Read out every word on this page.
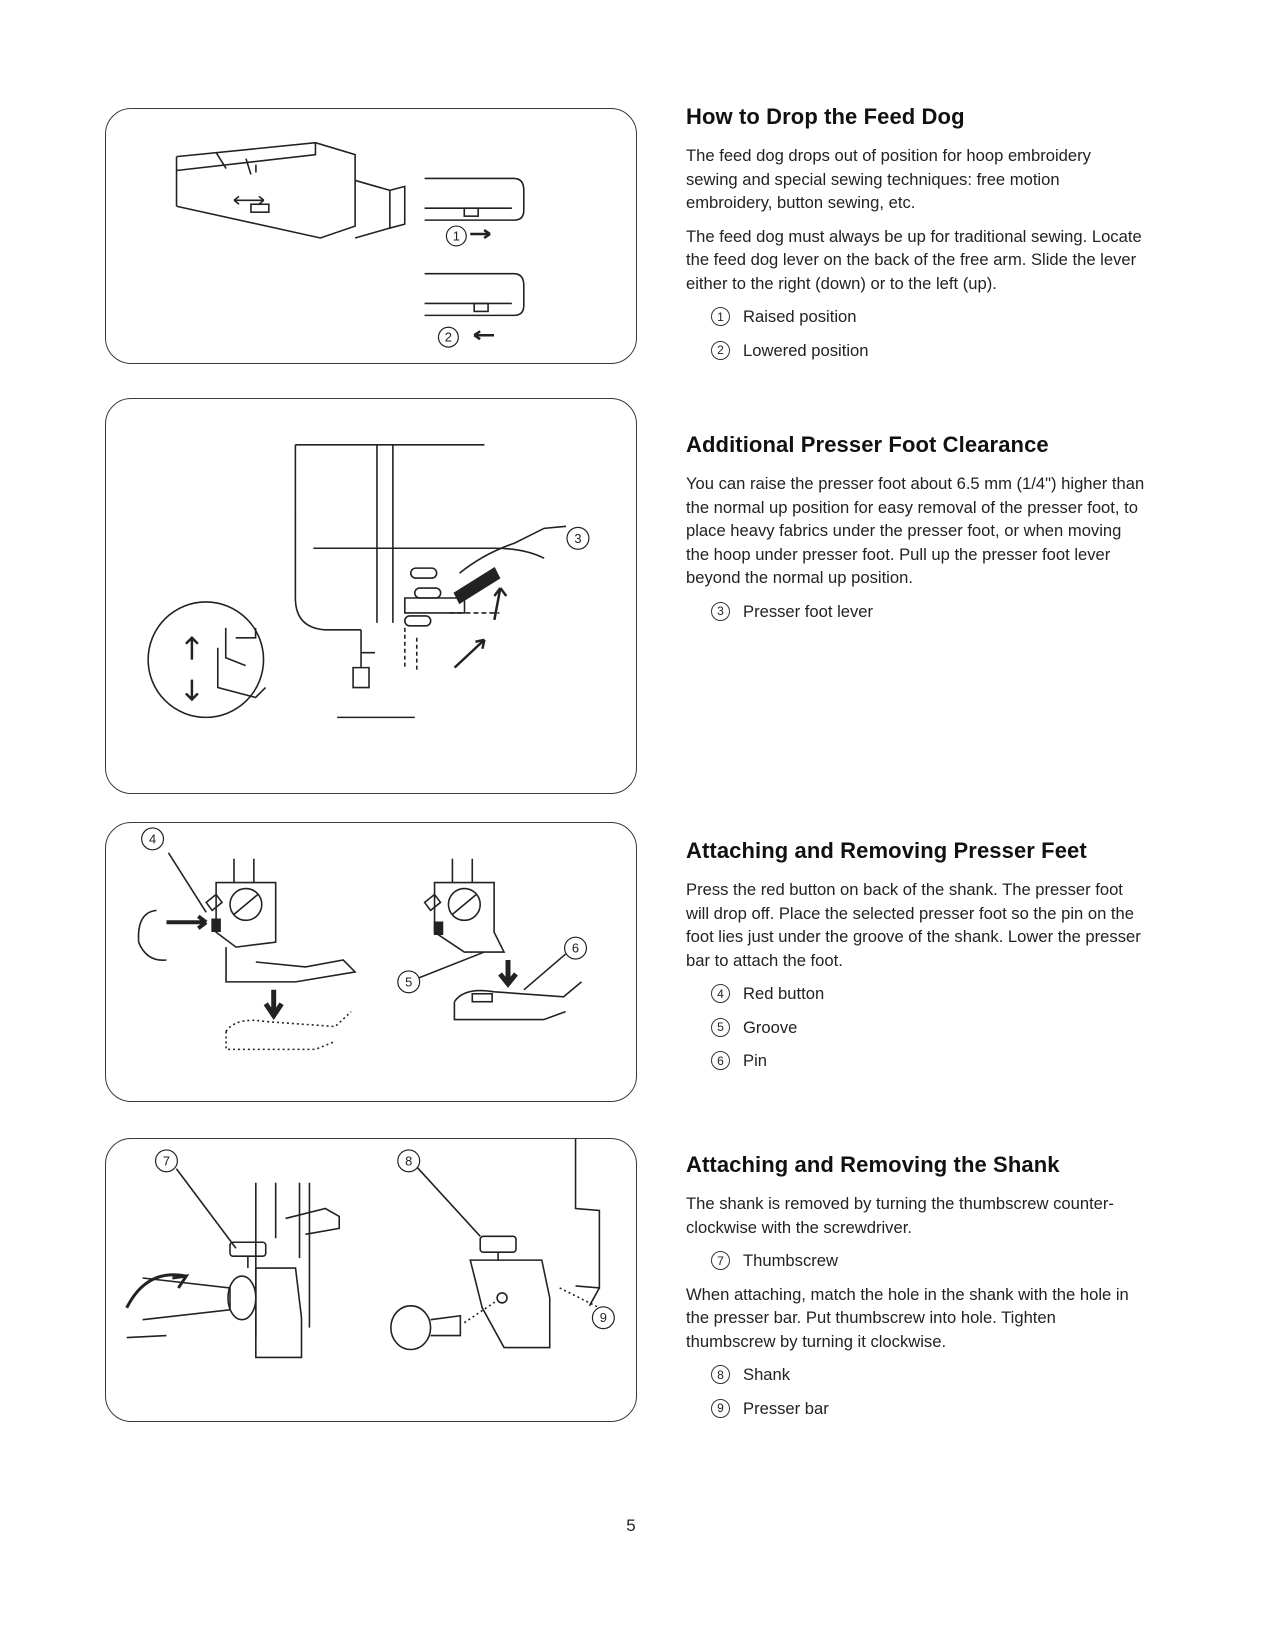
1
2
3
4
5
6
7	8
9
How to Drop the Feed Dog

The feed dog drops out of position for hoop embroidery sewing and special sewing techniques: free motion embroidery, button sewing, etc.

The feed dog must always be up for traditional sewing. Locate the feed dog lever on the back of the free arm. Slide the lever either to the right (down) or to the left (up).

1	Raised position
2	Lowered position
Additional Presser Foot Clearance

You can raise the presser foot about 6.5 mm (1/4") higher than the normal up position for easy removal of the presser foot, to place heavy fabrics under the presser foot, or when moving the hoop under presser foot. Pull up the presser foot lever beyond the normal up position.

3	Presser foot lever
Attaching and Removing Presser Feet

Press the red button on back of the shank. The presser foot will drop off. Place the selected presser foot so the pin on the foot lies just under the groove of the shank. Lower the presser bar to attach the foot.

4	Red button
5	Groove
6	Pin
Attaching and Removing the Shank

The shank is removed by turning the thumbscrew counter-clockwise with the screwdriver.

7	Thumbscrew

When attaching, match the hole in the shank with the hole in the presser bar. Put thumbscrew into hole. Tighten thumbscrew by turning it clockwise.

8	Shank
9	Presser bar
5
